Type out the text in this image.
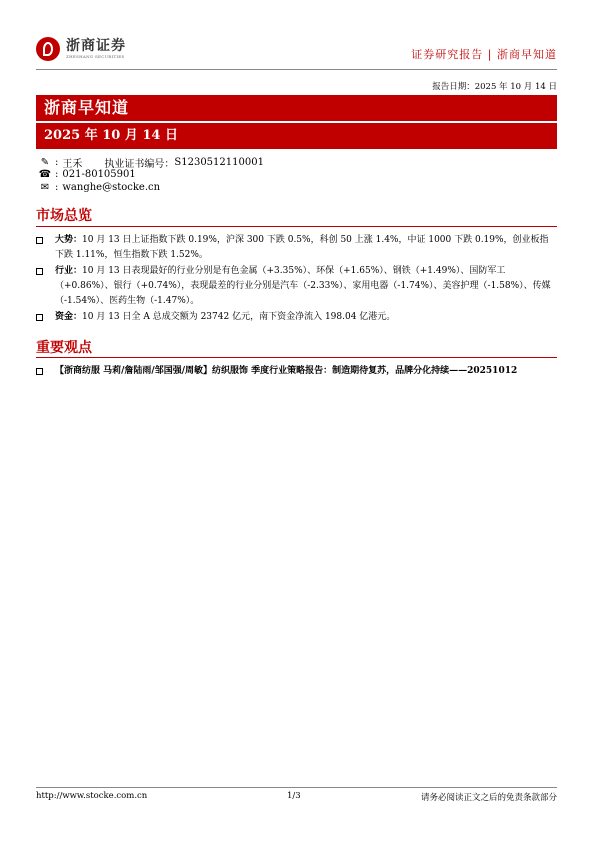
浙商证券
ZHESHANG SECURITIES	证券研究报告 | 浙商早知道
报告日期：2025 年 10 月 14 日
浙商早知道
2025 年 10 月 14 日
✎ : 王禾 执业证书编号： S1230512110001
☎ : 021-80105901
✉ : wanghe@stocke.cn
市场总览
大势：10 月 13 日上证指数下跌 0.19%，沪深 300 下跌 0.5%，科创 50 上涨 1.4%，中证 1000 下跌 0.19%，创业板指下跌 1.11%，恒生指数下跌 1.52%。
行业：10 月 13 日表现最好的行业分别是有色金属（+3.35%）、环保（+1.65%）、钢铁（+1.49%）、国防军工（+0.86%）、银行（+0.74%），表现最差的行业分别是汽车（-2.33%）、家用电器（-1.74%）、美容护理（-1.58%）、传媒（-1.54%）、医药生物（-1.47%）。
资金：10 月 13 日全 A 总成交额为 23742 亿元，南下资金净流入 198.04 亿港元。
重要观点
【浙商纺服 马莉/詹陆雨/邹国强/周敏】纺织服饰 季度行业策略报告：制造期待复苏，品牌分化持续——20251012
http://www.stocke.com.cn	1/3	请务必阅读正文之后的免责条款部分
